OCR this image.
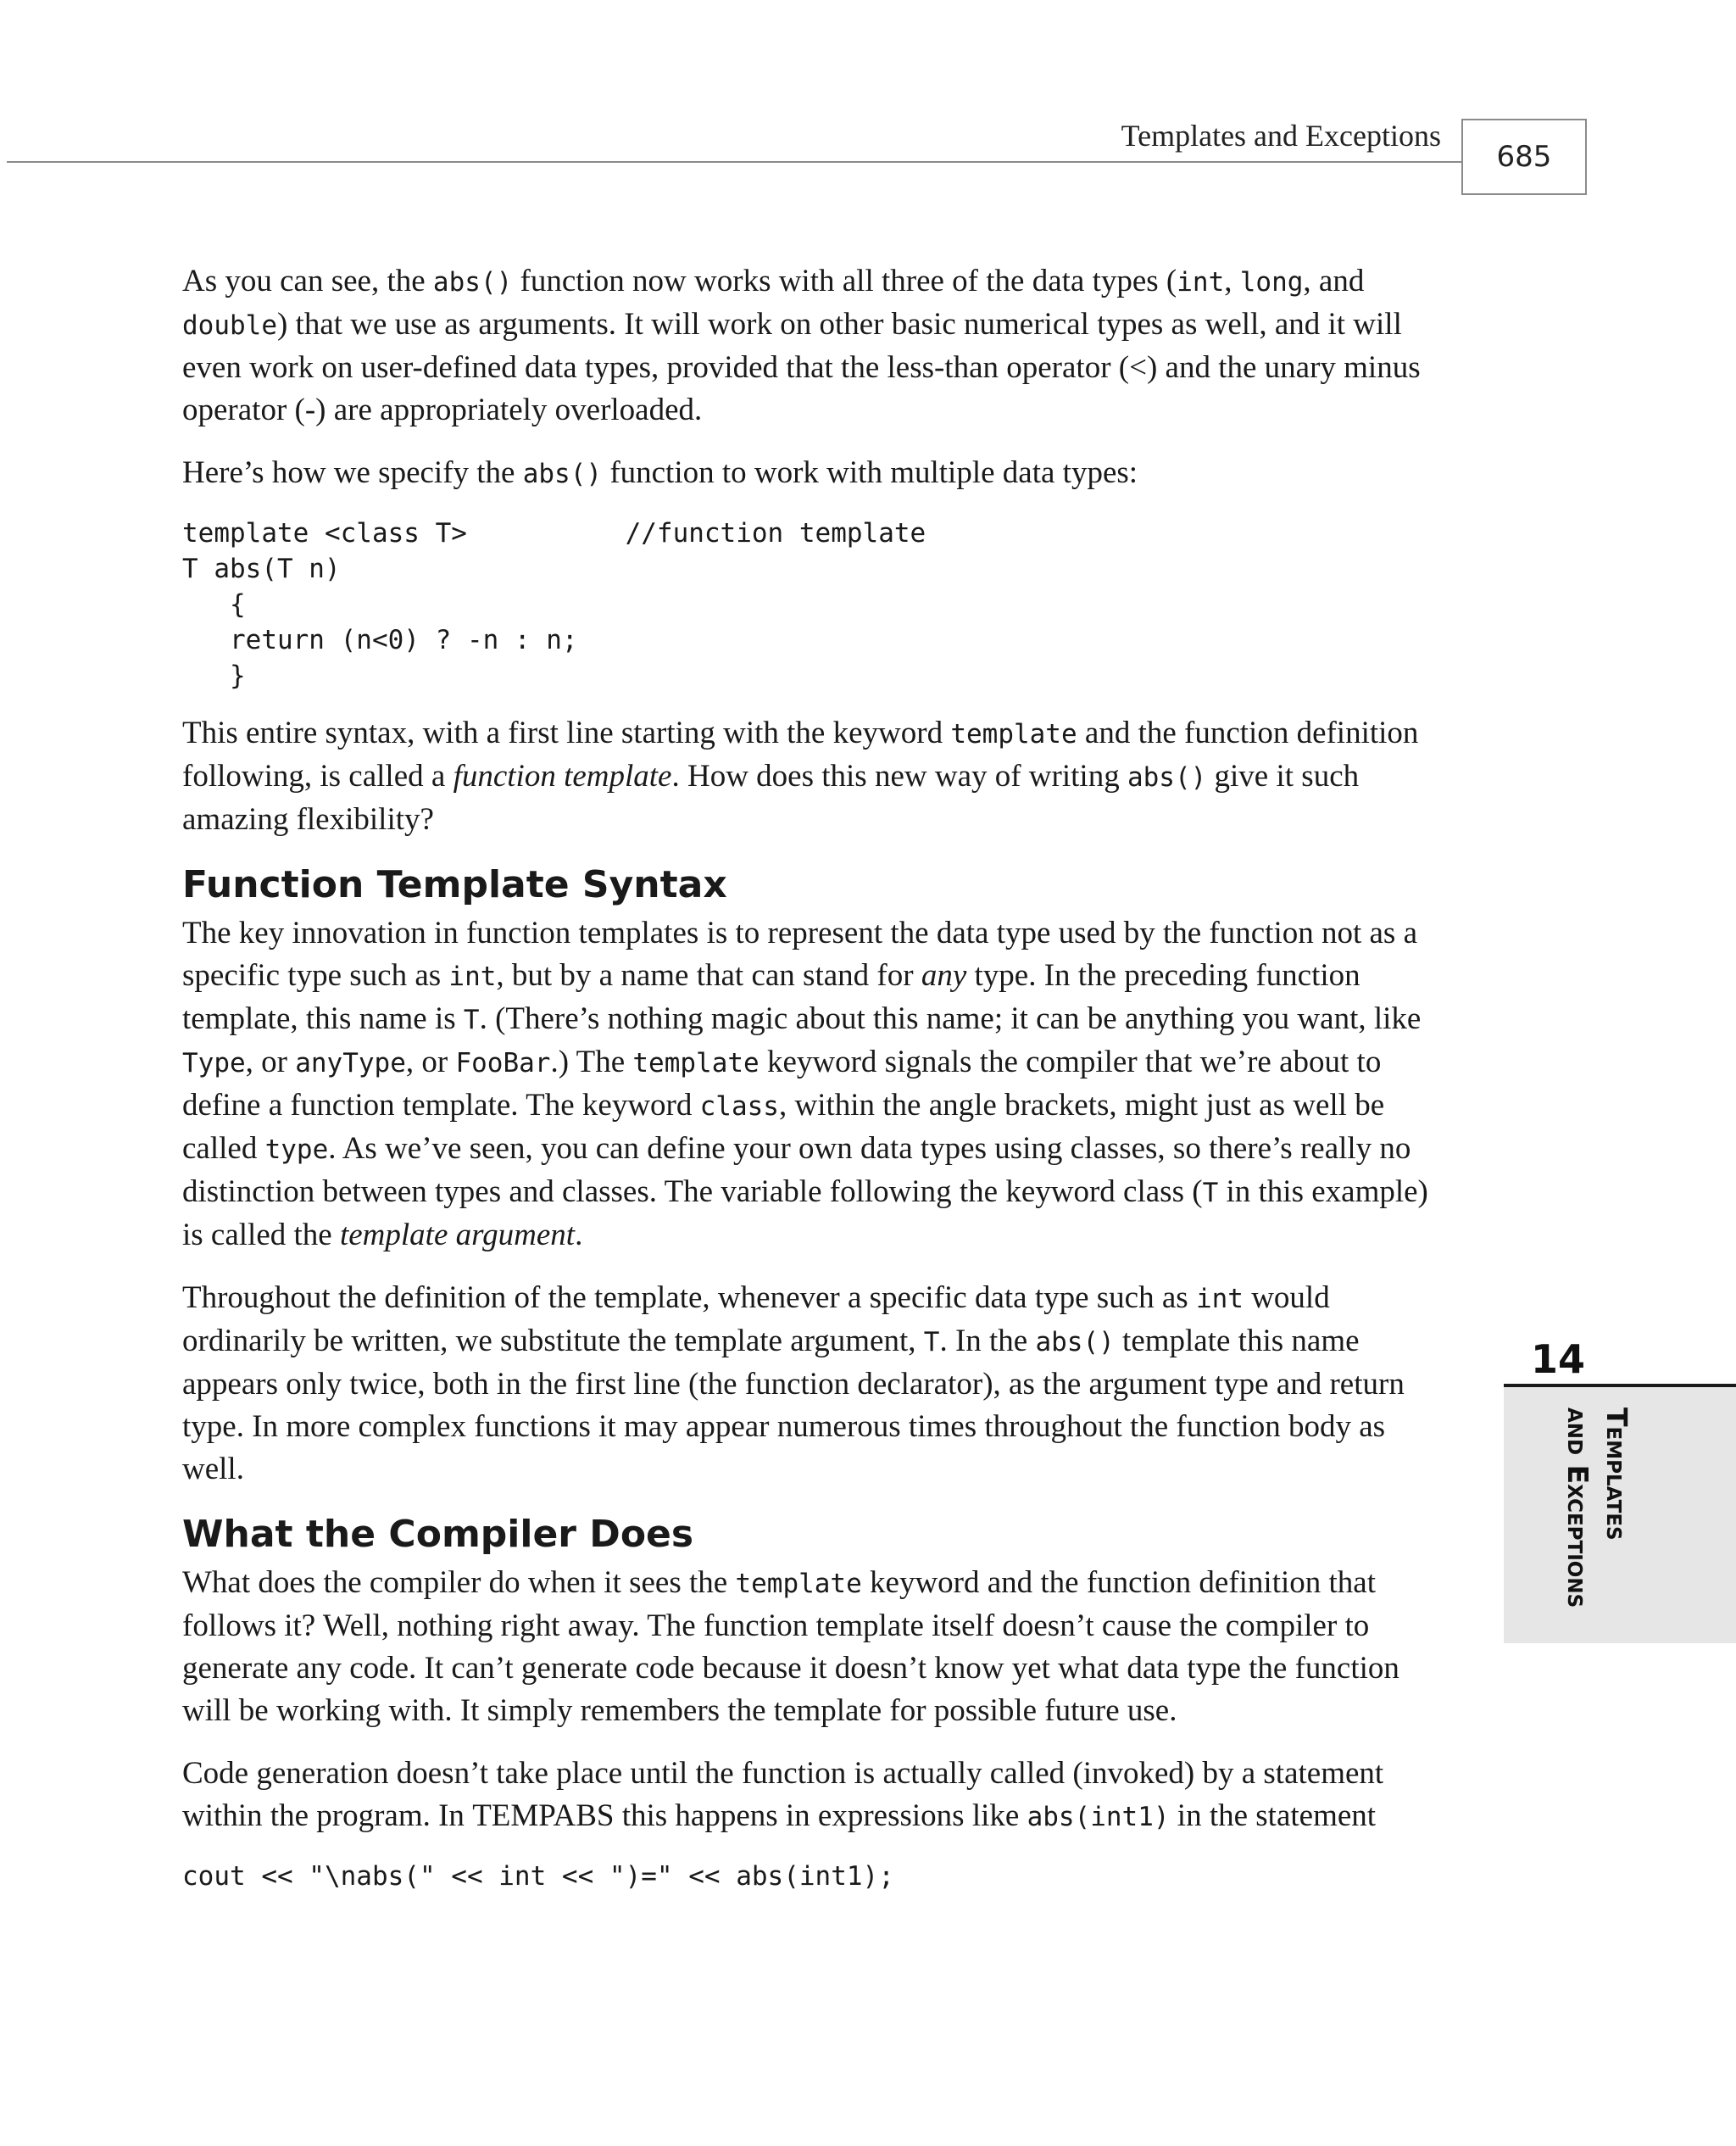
Templates and Exceptions
685

As you can see, the abs() function now works with all three of the data types (int, long, and double) that we use as arguments. It will work on other basic numerical types as well, and it will even work on user-defined data types, provided that the less-than operator (<) and the unary minus operator (-) are appropriately overloaded.

Here’s how we specify the abs() function to work with multiple data types:

template <class T>          //function template
T abs(T n)
{
return (n<0) ? -n : n;
}

This entire syntax, with a first line starting with the keyword template and the function definition following, is called a function template. How does this new way of writing abs() give it such amazing flexibility?

Function Template Syntax

The key innovation in function templates is to represent the data type used by the function not as a specific type such as int, but by a name that can stand for any type. In the preceding function template, this name is T. (There’s nothing magic about this name; it can be anything you want, like Type, or anyType, or FooBar.) The template keyword signals the compiler that we’re about to define a function template. The keyword class, within the angle brackets, might just as well be called type. As we’ve seen, you can define your own data types using classes, so there’s really no distinction between types and classes. The variable following the keyword class (T in this example) is called the template argument.

Throughout the definition of the template, whenever a specific data type such as int would ordinarily be written, we substitute the template argument, T. In the abs() template this name appears only twice, both in the first line (the function declarator), as the argument type and return type. In more complex functions it may appear numerous times throughout the function body as well.

What the Compiler Does

What does the compiler do when it sees the template keyword and the function definition that follows it? Well, nothing right away. The function template itself doesn’t cause the compiler to generate any code. It can’t generate code because it doesn’t know yet what data type the function will be working with. It simply remembers the template for possible future use.

Code generation doesn’t take place until the function is actually called (invoked) by a statement within the program. In TEMPABS this happens in expressions like abs(int1) in the statement

cout << "\nabs(" << int << ")=" << abs(int1);
14
Templates
and Exceptions
